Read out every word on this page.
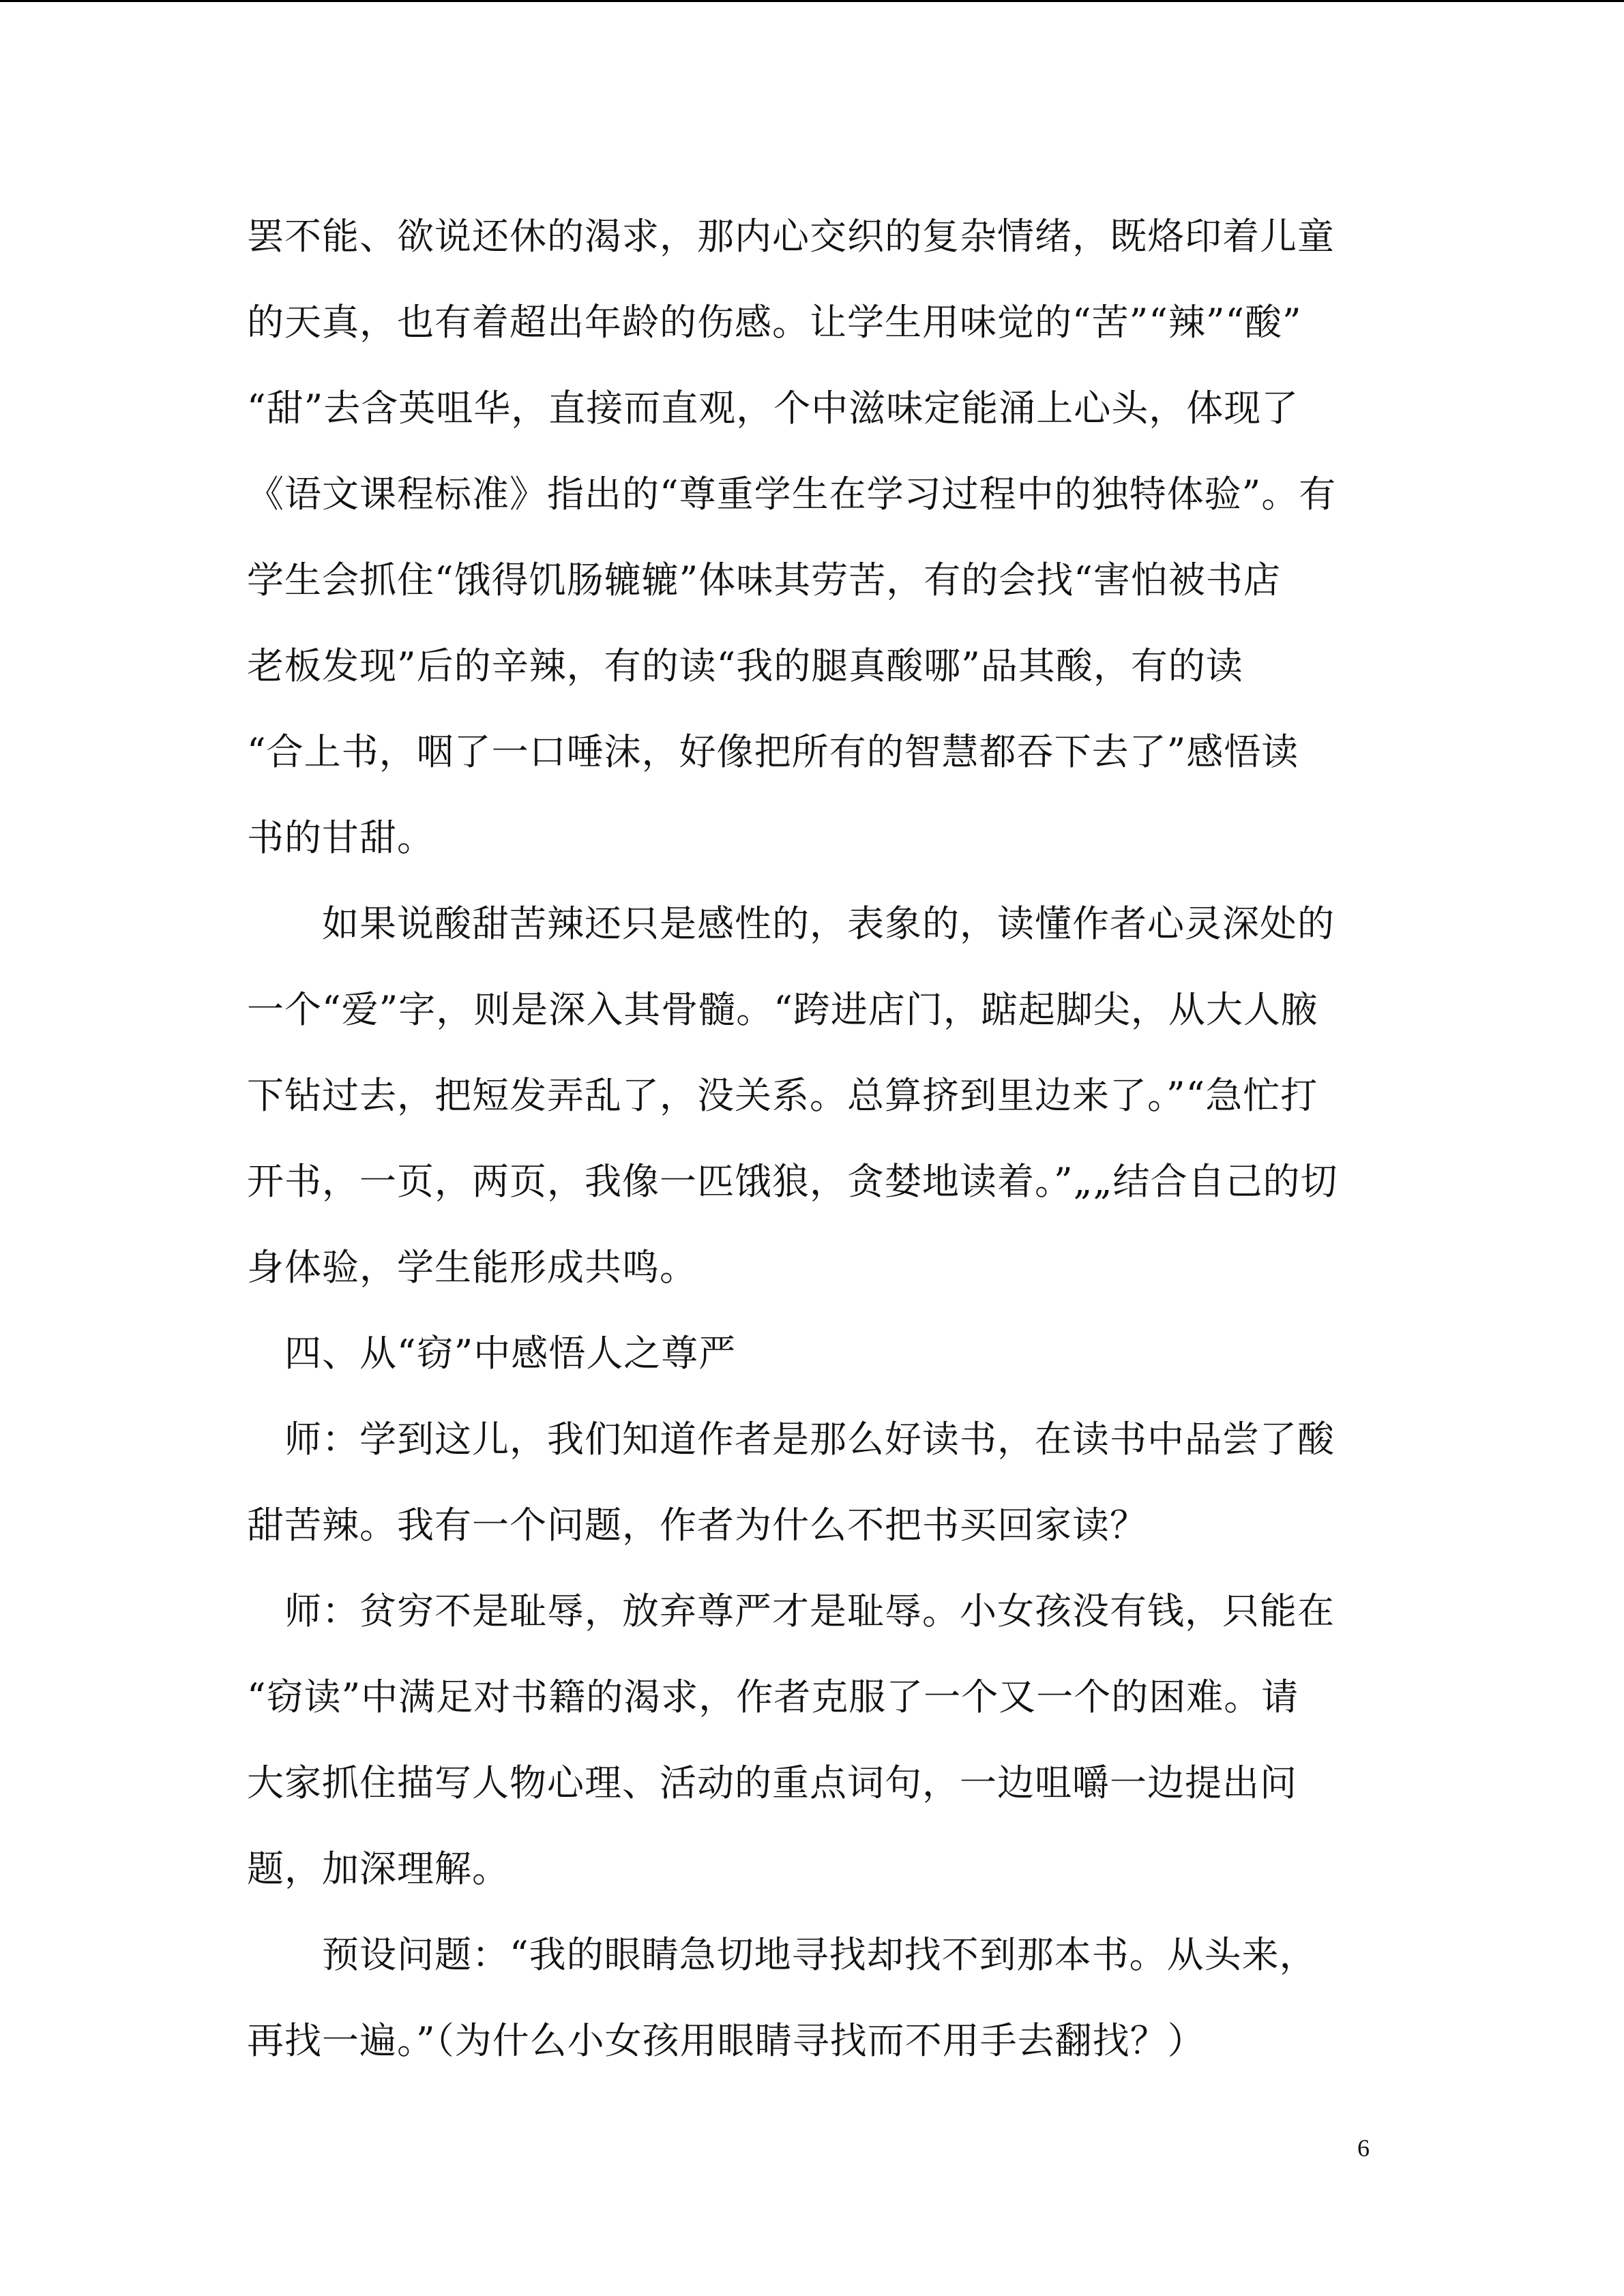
罢不能、欲说还休的渴求，那内心交织的复杂情绪，既烙印着儿童
的天真，也有着超出年龄的伤感。让学生用味觉的“苦”“辣”“酸”
“甜”去含英咀华，直接而直观，个中滋味定能涌上心头，体现了
《语文课程标准》指出的“尊重学生在学习过程中的独特体验”。有
学生会抓住“饿得饥肠辘辘”体味其劳苦，有的会找“害怕被书店
老板发现”后的辛辣，有的读“我的腿真酸哪”品其酸，有的读
“合上书，咽了一口唾沫，好像把所有的智慧都吞下去了”感悟读
书的甘甜。
　　如果说酸甜苦辣还只是感性的，表象的，读懂作者心灵深处的
一个“爱”字，则是深入其骨髓。“跨进店门，踮起脚尖，从大人腋
下钻过去，把短发弄乱了，没关系。总算挤到里边来了。”“急忙打
开书，一页，两页，我像一匹饿狼，贪婪地读着。”„„结合自己的切
身体验，学生能形成共鸣。
　四、从“窃”中感悟人之尊严
　师：学到这儿，我们知道作者是那么好读书，在读书中品尝了酸
甜苦辣。我有一个问题，作者为什么不把书买回家读？
　师：贫穷不是耻辱，放弃尊严才是耻辱。小女孩没有钱，只能在
“窃读”中满足对书籍的渴求，作者克服了一个又一个的困难。请
大家抓住描写人物心理、活动的重点词句，一边咀嚼一边提出问
题，加深理解。
　　预设问题：“我的眼睛急切地寻找却找不到那本书。从头来，
再找一遍。”（为什么小女孩用眼睛寻找而不用手去翻找？）
6
